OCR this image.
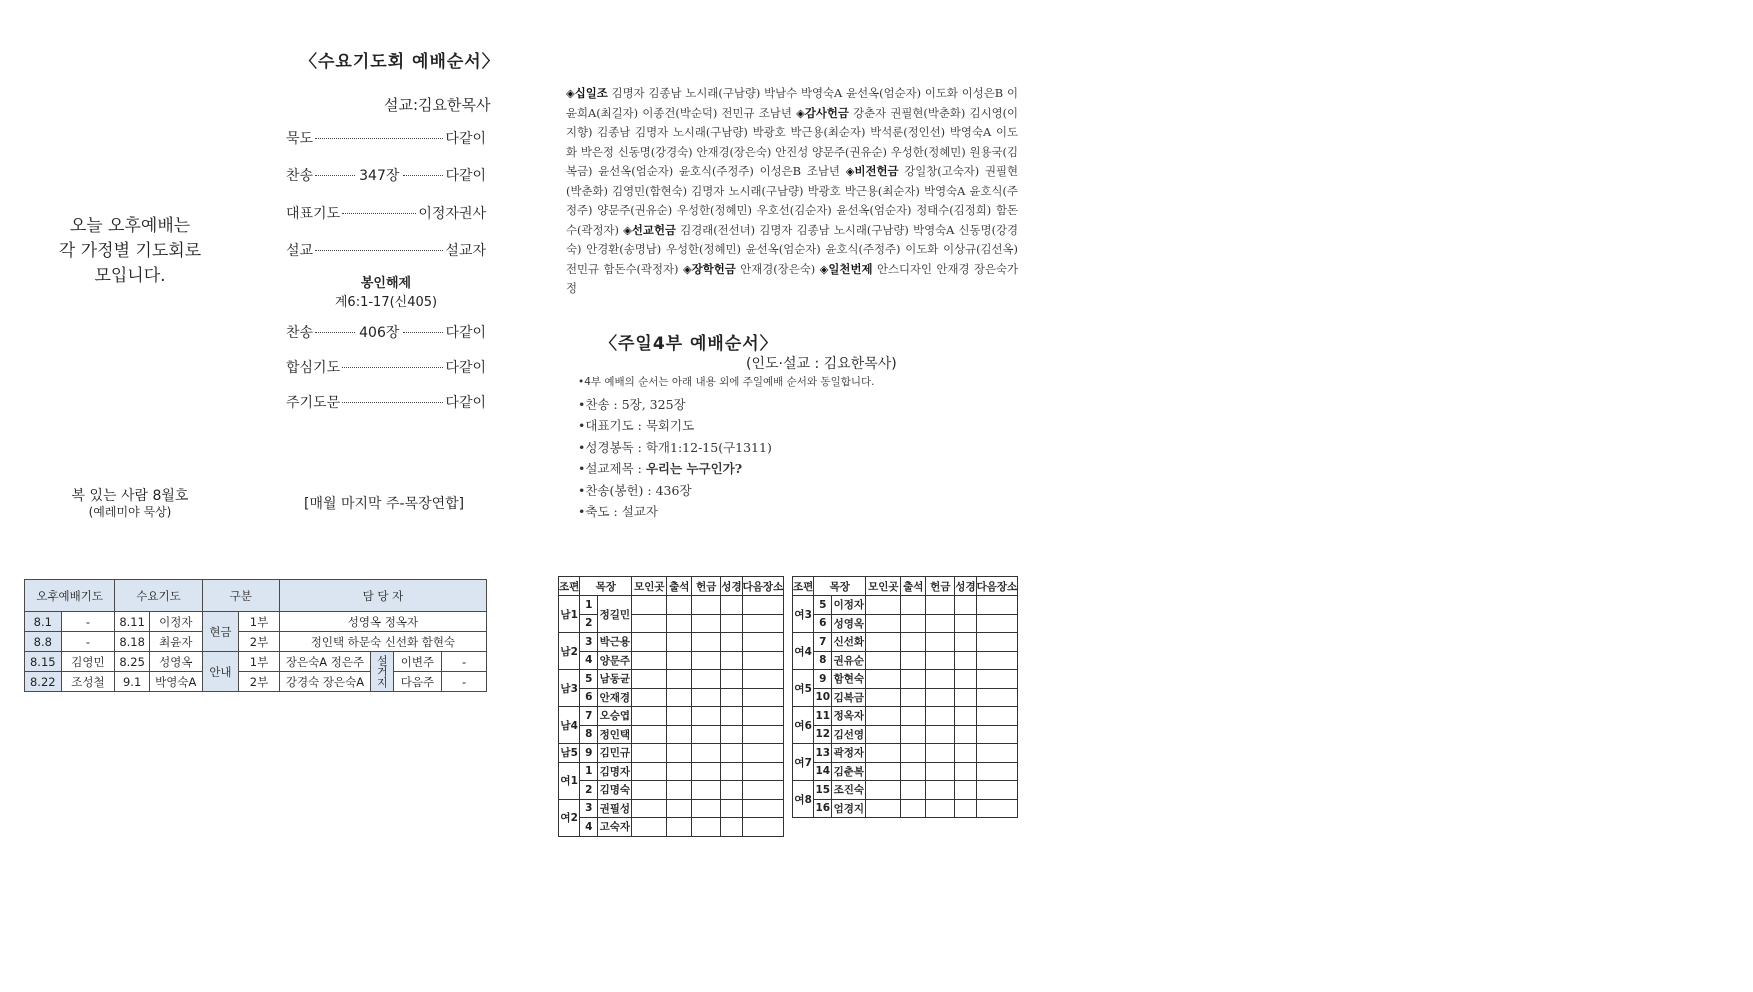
〈수요기도회 예배순서〉
설교:김요한목사
묵도	다같이
찬송	347장	다같이
대표기도	이정자권사
설교	설교자
봉인해제
계6:1-17(신405)
찬송	406장	다같이
합심기도	다같이
주기도문	다같이
오늘 오후예배는
각 가정별 기도회로
모입니다.
복 있는 사람 8월호
(예레미야 묵상)	[매월 마지막 주-목장연합]
◈십일조 김명자 김종남 노시래(구남량) 박남수 박영숙A 윤선옥(엄순자) 이도화 이성은B 이윤희A(최길자) 이종건(박순덕) 전민규 조남년 ◈감사헌금 강춘자 권필현(박춘화) 김시영(이지향) 김종남 김명자 노시래(구남량) 박광호 박근용(최순자) 박석룬(정인선) 박영숙A 이도화 박은정 신동명(강경숙) 안재경(장은숙) 안진성 양문주(권유순) 우성한(정혜민) 원용국(김복금) 윤선옥(엄순자) 윤호식(주정주) 이성은B 조남년 ◈비전헌금 강일창(고숙자) 권필현(박춘화) 김영민(함현숙) 김명자 노시래(구남량) 박광호 박근용(최순자) 박영숙A 윤호식(주정주) 양문주(권유순) 우성한(정혜민) 우호선(김순자) 윤선옥(엄순자) 정태수(김정희) 함돈수(곽정자) ◈선교헌금 김경래(전선녀) 김명자 김종남 노시래(구남량) 박영숙A 신동명(강경숙) 안경환(송명남) 우성한(정혜민) 윤선옥(엄순자) 윤호식(주정주) 이도화 이상규(김선옥) 전민규 함돈수(곽정자) ◈장학헌금 안재경(장은숙) ◈일천번제 안스디자인 안재경 장은숙가정
〈주일4부 예배순서〉
(인도·설교 : 김요한목사)
•4부 예배의 순서는 아래 내용 외에 주일예배 순서와 동일합니다.
•찬송 : 5장, 325장
•대표기도 : 묵회기도
•성경봉독 : 학개1:12-15(구1311)
•설교제목 : 우리는 누구인가?
•찬송(봉헌) : 436장
•축도 : 설교자
오후예배기도		수요기도		구분		담 당 자			
8.1	-	8.11	이정자	현금	1부	성영옥 정옥자			
8.8	-	8.18	최윤자		2부	정인택 하문숙 신선화 함현숙			
8.15	김영민	8.25	성영옥	안내	1부	장은숙A 정은주	설거지	이변주	-
8.22	조성철	9.1	박영숙A		2부	강경숙 장은숙A		다음주	-
조편	목장		모인곳	출석	헌금	성경	다음장소
남1	1	정길민					
	2						
남2	3	박근용					
	4	양문주					
남3	5	남동균					
	6	안재경					
남4	7	오승엽					
	8	정인택					
남5	9	김민규					
여1	1	김명자					
	2	김명숙					
여2	3	권필성					
	4	고숙자					
조편	목장		모인곳	출석	헌금	성경	다음장소
여3	5	이정자					
	6	성영옥					
여4	7	신선화					
	8	권유순					
여5	9	함현숙					
	10	김복금					
여6	11	정옥자					
	12	김선영					
여7	13	곽정자					
	14	김춘복					
여8	15	조진숙					
	16	엄경지					
